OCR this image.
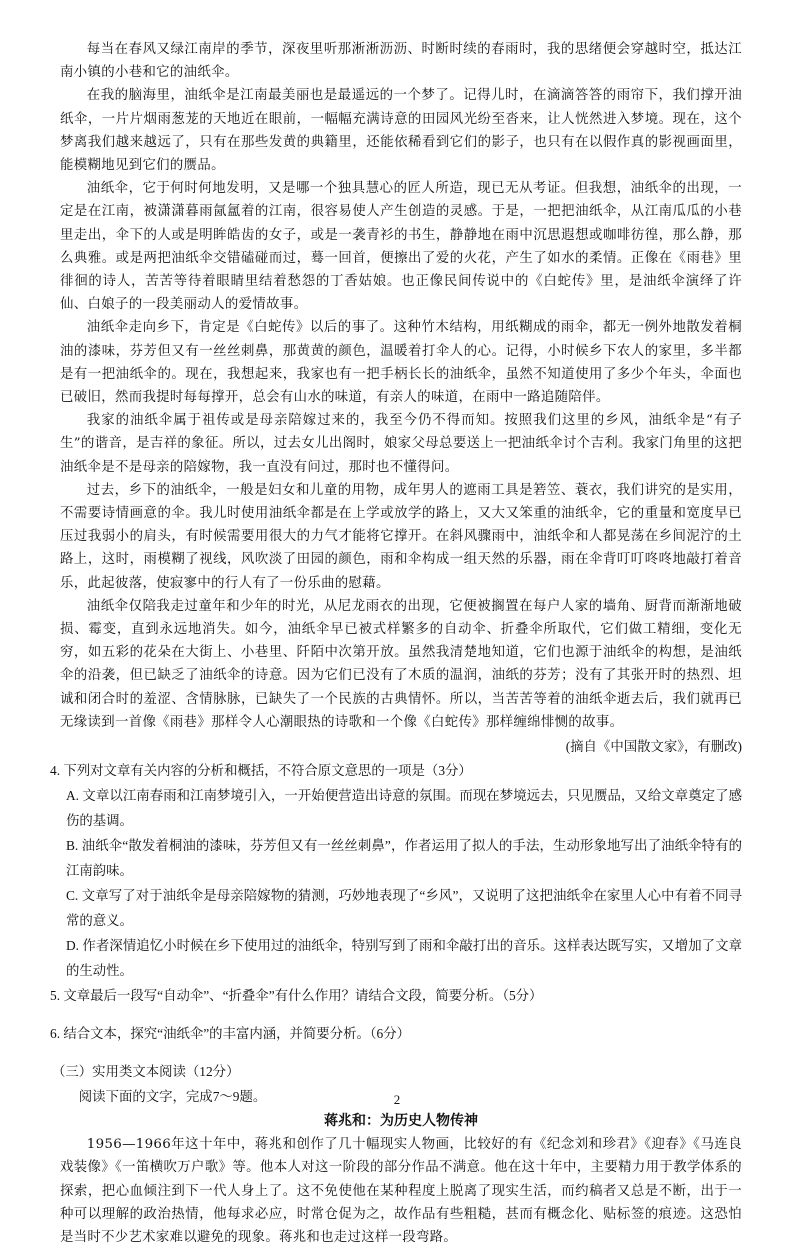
每当在春风又绿江南岸的季节，深夜里听那淅淅沥沥、时断时续的春雨时，我的思绪便会穿越时空，抵达江南小镇的小巷和它的油纸伞。

在我的脑海里，油纸伞是江南最美丽也是最遥远的一个梦了。记得儿时，在滴滴答答的雨帘下，我们撑开油纸伞，一片片烟雨葱茏的天地近在眼前，一幅幅充满诗意的田园风光纷至沓来，让人恍然进入梦境。现在，这个梦离我们越来越远了，只有在那些发黄的典籍里，还能依稀看到它们的影子，也只有在以假作真的影视画面里，能模糊地见到它们的赝品。

油纸伞，它于何时何地发明，又是哪一个独具慧心的匠人所造，现已无从考证。但我想，油纸伞的出现，一定是在江南，被潇潇暮雨氤氲着的江南，很容易使人产生创造的灵感。于是，一把把油纸伞，从江南瓜瓜的小巷里走出，伞下的人或是明眸皓齿的女子，或是一袭青衫的书生，静静地在雨中沉思遐想或咖啡彷徨，那么静，那么典雅。或是两把油纸伞交错磕碰而过，蓦一回首，便擦出了爱的火花，产生了如水的柔情。正像在《雨巷》里徘徊的诗人，苦苦等待着眼睛里结着愁怨的丁香姑娘。也正像民间传说中的《白蛇传》里，是油纸伞演绎了许仙、白娘子的一段美丽动人的爱情故事。

油纸伞走向乡下，肯定是《白蛇传》以后的事了。这种竹木结构，用纸糊成的雨伞，都无一例外地散发着桐油的漆味，芬芳但又有一丝丝刺鼻，那黄黄的颜色，温暖着打伞人的心。记得，小时候乡下农人的家里，多半都是有一把油纸伞的。现在，我想起来，我家也有一把手柄长长的油纸伞，虽然不知道使用了多少个年头，伞面也已破旧，然而我提时每每撑开，总会有山水的味道，有亲人的味道，在雨中一路追随陪伴。

我家的油纸伞属于祖传或是母亲陪嫁过来的，我至今仍不得而知。按照我们这里的乡风，油纸伞是“有子生”的谐音，是吉祥的象征。所以，过去女儿出阁时，娘家父母总要送上一把油纸伞讨个吉利。我家门角里的这把油纸伞是不是母亲的陪嫁物，我一直没有问过，那时也不懂得问。

过去，乡下的油纸伞，一般是妇女和儿童的用物，成年男人的遮雨工具是箬笠、蓑衣，我们讲究的是实用，不需要诗情画意的伞。我儿时使用油纸伞都是在上学或放学的路上，又大又笨重的油纸伞，它的重量和宽度早已压过我弱小的肩头，有时候需要用很大的力气才能将它撑开。在斜风骤雨中，油纸伞和人都晃荡在乡间泥泞的土路上，这时，雨模糊了视线，风吹淡了田园的颜色，雨和伞构成一组天然的乐器，雨在伞背叮叮咚咚地敲打着音乐，此起彼落，使寂寥中的行人有了一份乐曲的慰藉。

油纸伞仅陪我走过童年和少年的时光，从尼龙雨衣的出现，它便被搁置在每户人家的墙角、厨背而渐渐地破损、霉变，直到永远地消失。如今，油纸伞早已被式样繁多的自动伞、折叠伞所取代，它们做工精细，变化无穷，如五彩的花朵在大街上、小巷里、阡陌中次第开放。虽然我清楚地知道，它们也源于油纸伞的构想，是油纸伞的沿袭，但已缺乏了油纸伞的诗意。因为它们已没有了木质的温润，油纸的芬芳；没有了其张开时的热烈、坦诚和闭合时的羞涩、含情脉脉，已缺失了一个民族的古典情怀。所以，当苦苦等着的油纸伞逝去后，我们就再已无缘读到一首像《雨巷》那样令人心潮眼热的诗歌和一个像《白蛇传》那样缠绵悱恻的故事。

(摘自《中国散文家》，有删改)

4. 下列对文章有关内容的分析和概括，不符合原文意思的一项是（3分）

A. 文章以江南春雨和江南梦境引入，一开始便营造出诗意的氛围。而现在梦境远去，只见赝品，又给文章奠定了感伤的基调。

B. 油纸伞“散发着桐油的漆味，芬芳但又有一丝丝刺鼻”，作者运用了拟人的手法，生动形象地写出了油纸伞特有的江南韵味。

C. 文章写了对于油纸伞是母亲陪嫁物的猜测，巧妙地表现了“乡风”，又说明了这把油纸伞在家里人心中有着不同寻常的意义。

D. 作者深情追忆小时候在乡下使用过的油纸伞，特别写到了雨和伞敲打出的音乐。这样表达既写实，又增加了文章的生动性。

5. 文章最后一段写“自动伞”、“折叠伞”有什么作用？请结合文段，简要分析。（5分）

6. 结合文本，探究“油纸伞”的丰富内涵，并简要分析。（6分）

（三）实用类文本阅读（12分）

阅读下面的文字，完成7～9题。

蒋兆和：为历史人物传神

1956—1966年这十年中，蒋兆和创作了几十幅现实人物画，比较好的有《纪念刘和珍君》《迎春》《马连良戏装像》《一笛横吹万户歌》等。他本人对这一阶段的部分作品不满意。他在这十年中，主要精力用于教学体系的探索，把心血倾注到下一代人身上了。这不免使他在某种程度上脱离了现实生活，而约稿者又总是不断，出于一种可以理解的政治热情，他每求必应，时常仓促为之，故作品有些粗糙，甚而有概念化、贴标签的痕迹。这恐怕是当时不少艺术家难以避免的现象。蒋兆和也走过这样一段弯路。

2
